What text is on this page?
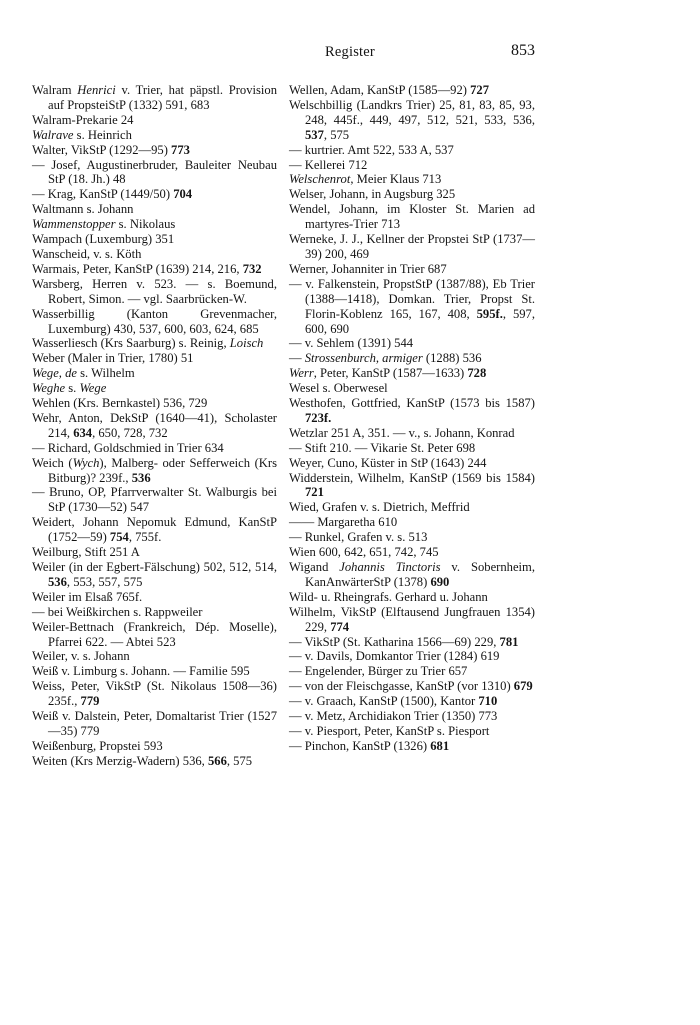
Register	853

Walram Henrici v. Trier, hat päpstl. Provision auf PropsteiStP (1332) 591, 683

Walram-Prekarie 24

Walrave s. Heinrich

Walter, VikStP (1292—95) 773

— Josef, Augustinerbruder, Bauleiter Neubau StP (18. Jh.) 48

— Krag, KanStP (1449/50) 704

Waltmann s. Johann

Wammenstopper s. Nikolaus

Wampach (Luxemburg) 351

Wanscheid, v. s. Köth

Warmais, Peter, KanStP (1639) 214, 216, 732

Warsberg, Herren v. 523. — s. Boemund, Robert, Simon. — vgl. Saarbrücken-W.

Wasserbillig (Kanton Grevenmacher, Luxemburg) 430, 537, 600, 603, 624, 685

Wasserliesch (Krs Saarburg) s. Reinig, Loisch

Weber (Maler in Trier, 1780) 51

Wege, de s. Wilhelm

Weghe s. Wege

Wehlen (Krs. Bernkastel) 536, 729

Wehr, Anton, DekStP (1640—41), Scholaster 214, 634, 650, 728, 732

— Richard, Goldschmied in Trier 634

Weich (Wych), Malberg- oder Sefferweich (Krs Bitburg)? 239f., 536

— Bruno, OP, Pfarrverwalter St. Walburgis bei StP (1730—52) 547

Weidert, Johann Nepomuk Edmund, KanStP (1752—59) 754, 755f.

Weilburg, Stift 251 A

Weiler (in der Egbert-Fälschung) 502, 512, 514, 536, 553, 557, 575

Weiler im Elsaß 765f.

— bei Weißkirchen s. Rappweiler

Weiler-Bettnach (Frankreich, Dép. Moselle), Pfarrei 622. — Abtei 523

Weiler, v. s. Johann

Weiß v. Limburg s. Johann. — Familie 595

Weiss, Peter, VikStP (St. Nikolaus 1508—36) 235f., 779

Weiß v. Dalstein, Peter, Domaltarist Trier (1527—35) 779

Weißenburg, Propstei 593

Weiten (Krs Merzig-Wadern) 536, 566, 575

Wellen, Adam, KanStP (1585—92) 727

Welschbillig (Landkrs Trier) 25, 81, 83, 85, 93, 248, 445f., 449, 497, 512, 521, 533, 536, 537, 575

— kurtrier. Amt 522, 533 A, 537

— Kellerei 712

Welschenrot, Meier Klaus 713

Welser, Johann, in Augsburg 325

Wendel, Johann, im Kloster St. Marien ad martyres-Trier 713

Werneke, J. J., Kellner der Propstei StP (1737—39) 200, 469

Werner, Johanniter in Trier 687

— v. Falkenstein, PropstStP (1387/88), Eb Trier (1388—1418), Domkan. Trier, Propst St. Florin-Koblenz 165, 167, 408, 595f., 597, 600, 690

— v. Sehlem (1391) 544

— Strossenburch, armiger (1288) 536

Werr, Peter, KanStP (1587—1633) 728

Wesel s. Oberwesel

Westhofen, Gottfried, KanStP (1573 bis 1587) 723f.

Wetzlar 251 A, 351. — v., s. Johann, Konrad

— Stift 210. — Vikarie St. Peter 698

Weyer, Cuno, Küster in StP (1643) 244

Widderstein, Wilhelm, KanStP (1569 bis 1584) 721

Wied, Grafen v. s. Dietrich, Meffrid

—— Margaretha 610

— Runkel, Grafen v. s. 513

Wien 600, 642, 651, 742, 745

Wigand Johannis Tinctoris v. Sobernheim, KanAnwärterStP (1378) 690

Wild- u. Rheingrafs. Gerhard u. Johann

Wilhelm, VikStP (Elftausend Jungfrauen 1354) 229, 774

— VikStP (St. Katharina 1566—69) 229, 781

— v. Davils, Domkantor Trier (1284) 619

— Engelender, Bürger zu Trier 657

— von der Fleischgasse, KanStP (vor 1310) 679

— v. Graach, KanStP (1500), Kantor 710

— v. Metz, Archidiakon Trier (1350) 773

— v. Piesport, Peter, KanStP s. Piesport

— Pinchon, KanStP (1326) 681
